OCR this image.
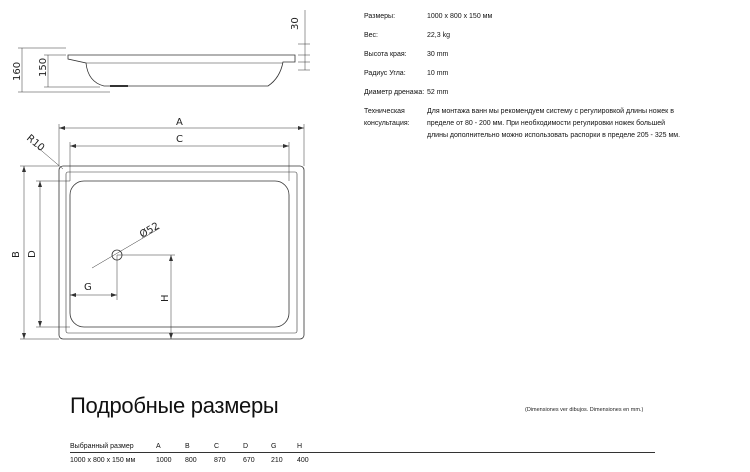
30
160 150
A
C
R10
B D
Ø52
G
H
Размеры:	1000 x 800 x 150 мм
Вес:	22,3 kg
Высота края:	30 mm
Радиус Угла:	10 mm
Диаметр дренажа: 52 mm
Техническая консультация:
Для монтажа ванн мы рекомендуем систему с регулировкой длины ножек в пределе от 80 - 200 мм. При необходимости регулировки ножек большей длины дополнительно можно использовать распорки в пределе 205 - 325 мм.
Подробные размеры	(Dimensiones ver dibujos. Dimensiones en mm.)
Выбранный размер	A	B	C	D	G	H
1000 x 800 x 150 мм	1000	800	870	670	210	400
